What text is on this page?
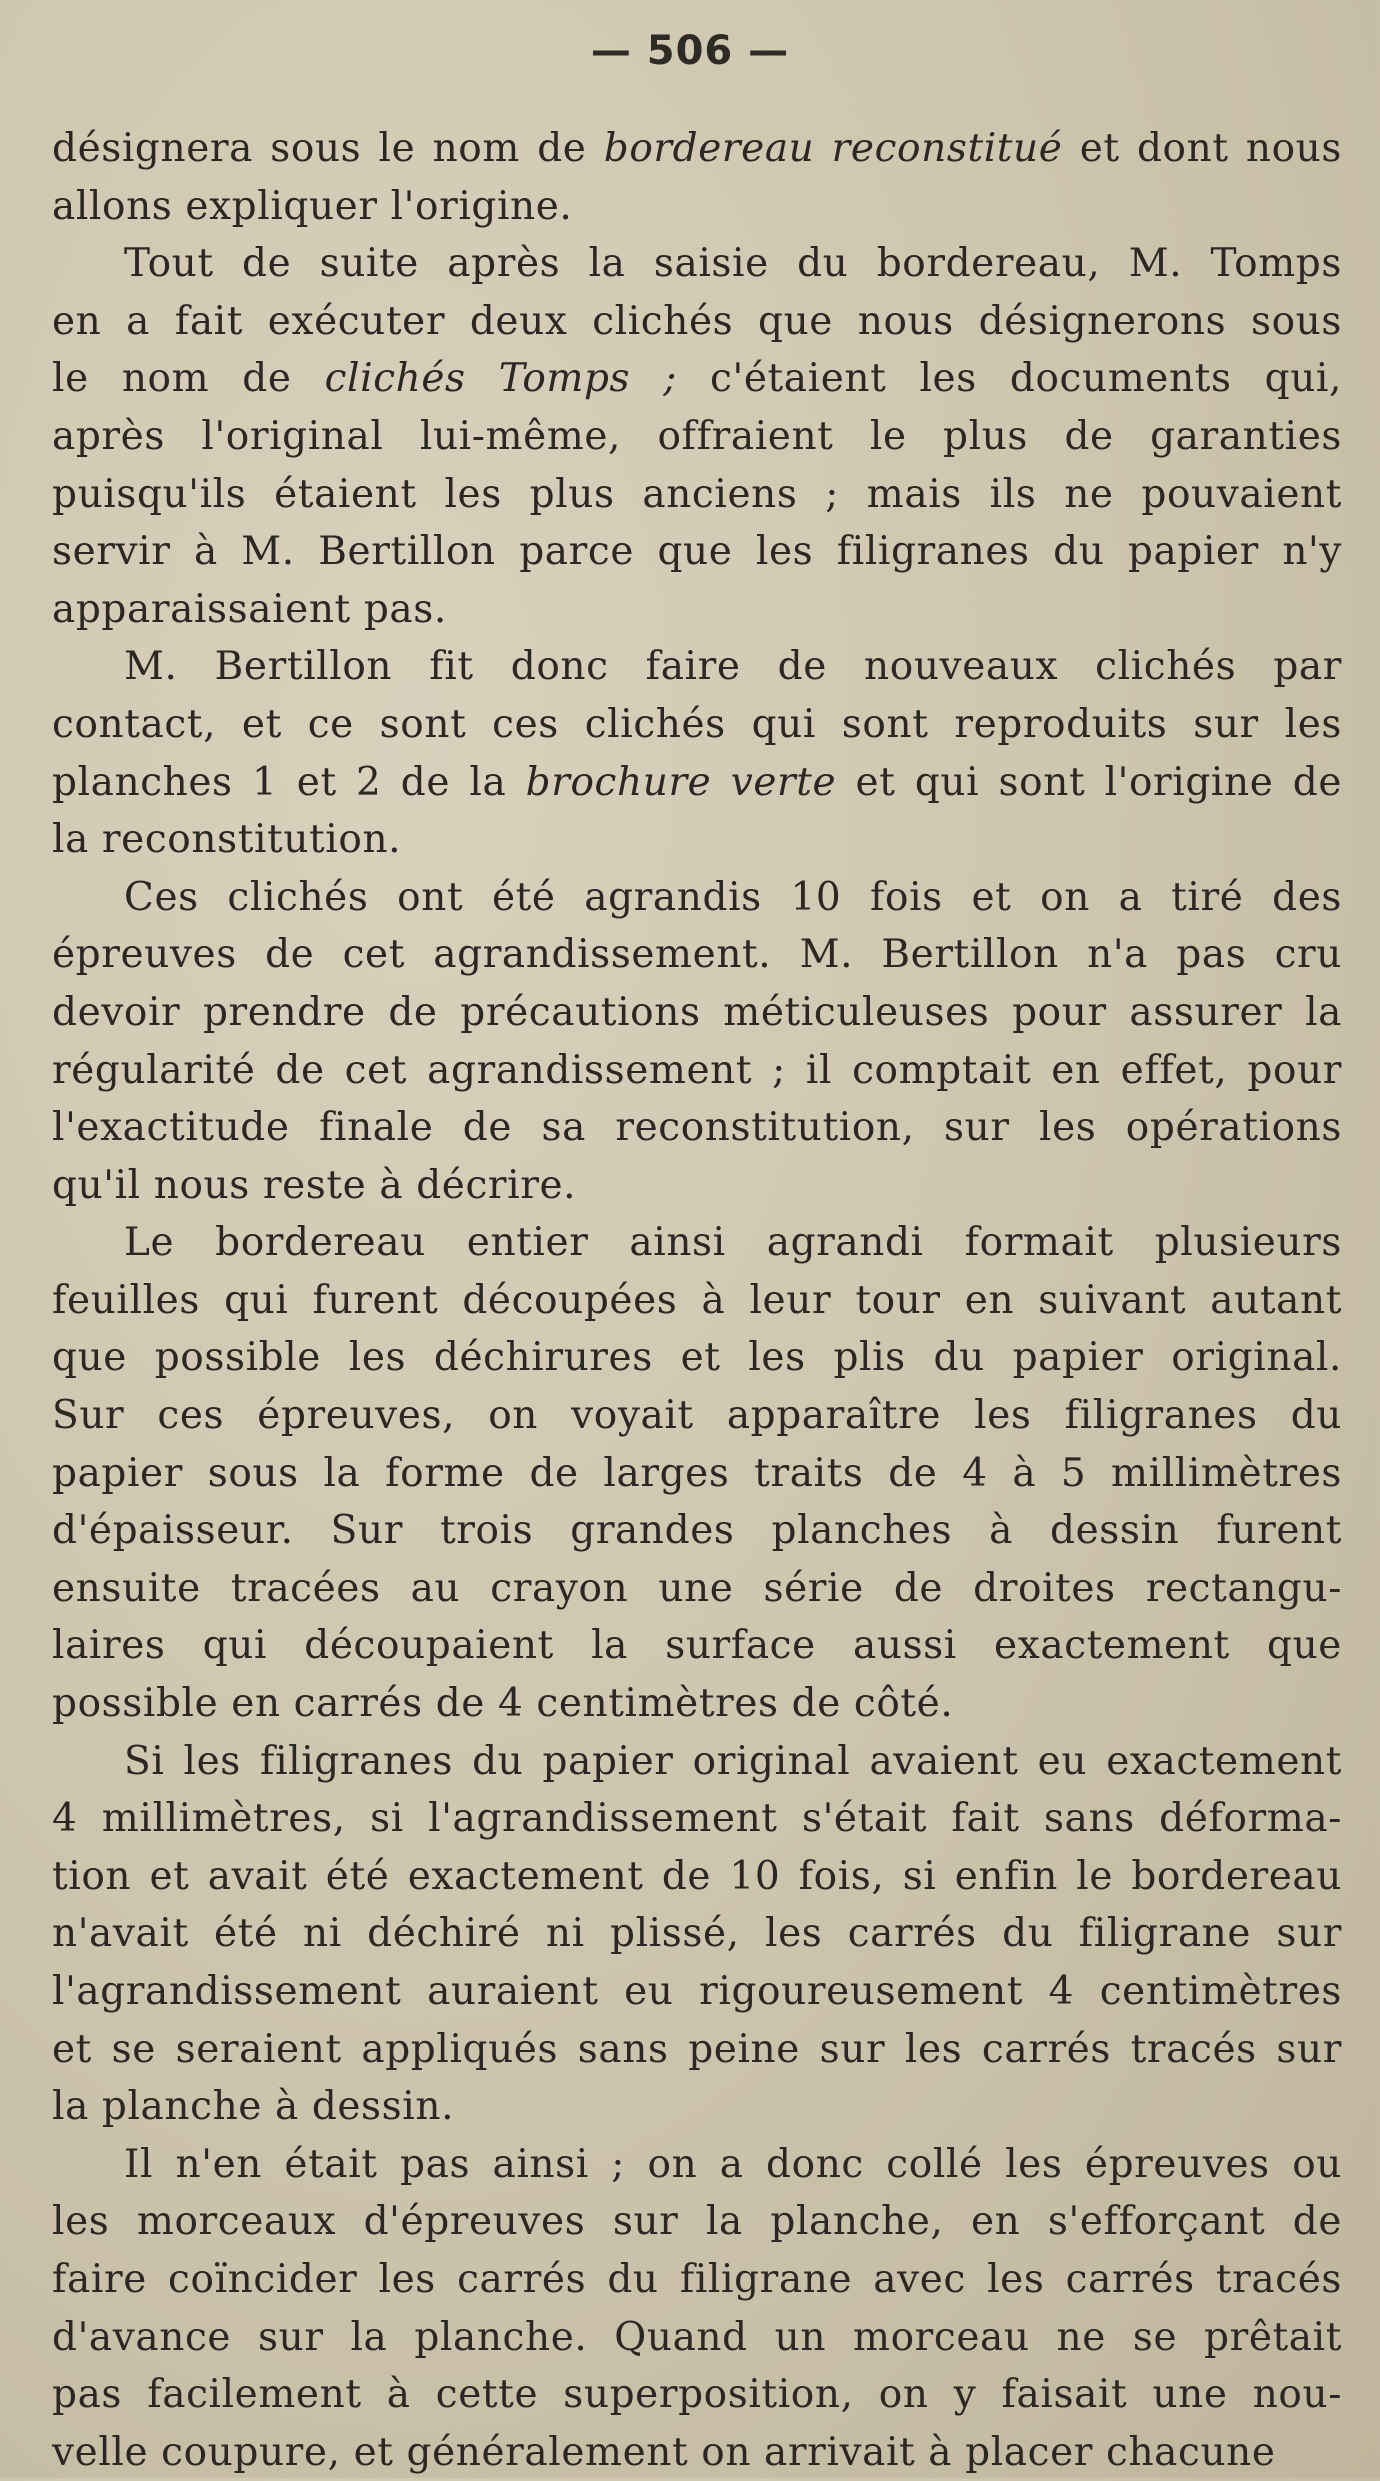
— 506 —
désignera sous le nom de bordereau reconstitué et dont nous
allons expliquer l'origine.
Tout de suite après la saisie du bordereau, M. Tomps
en a fait exécuter deux clichés que nous désignerons sous
le nom de clichés Tomps ; c'étaient les documents qui,
après l'original lui-même, offraient le plus de garanties
puisqu'ils étaient les plus anciens ; mais ils ne pouvaient
servir à M. Bertillon parce que les filigranes du papier n'y
apparaissaient pas.
M. Bertillon fit donc faire de nouveaux clichés par
contact, et ce sont ces clichés qui sont reproduits sur les
planches 1 et 2 de la brochure verte et qui sont l'origine de
la reconstitution.
Ces clichés ont été agrandis 10 fois et on a tiré des
épreuves de cet agrandissement. M. Bertillon n'a pas cru
devoir prendre de précautions méticuleuses pour assurer la
régularité de cet agrandissement ; il comptait en effet, pour
l'exactitude finale de sa reconstitution, sur les opérations
qu'il nous reste à décrire.
Le bordereau entier ainsi agrandi formait plusieurs
feuilles qui furent découpées à leur tour en suivant autant
que possible les déchirures et les plis du papier original.
Sur ces épreuves, on voyait apparaître les filigranes du
papier sous la forme de larges traits de 4 à 5 millimètres
d'épaisseur. Sur trois grandes planches à dessin furent
ensuite tracées au crayon une série de droites rectangu-
laires qui découpaient la surface aussi exactement que
possible en carrés de 4 centimètres de côté.
Si les filigranes du papier original avaient eu exactement
4 millimètres, si l'agrandissement s'était fait sans déforma-
tion et avait été exactement de 10 fois, si enfin le bordereau
n'avait été ni déchiré ni plissé, les carrés du filigrane sur
l'agrandissement auraient eu rigoureusement 4 centimètres
et se seraient appliqués sans peine sur les carrés tracés sur
la planche à dessin.
Il n'en était pas ainsi ; on a donc collé les épreuves ou
les morceaux d'épreuves sur la planche, en s'efforçant de
faire coïncider les carrés du filigrane avec les carrés tracés
d'avance sur la planche. Quand un morceau ne se prêtait
pas facilement à cette superposition, on y faisait une nou-
velle coupure, et généralement on arrivait à placer chacune
